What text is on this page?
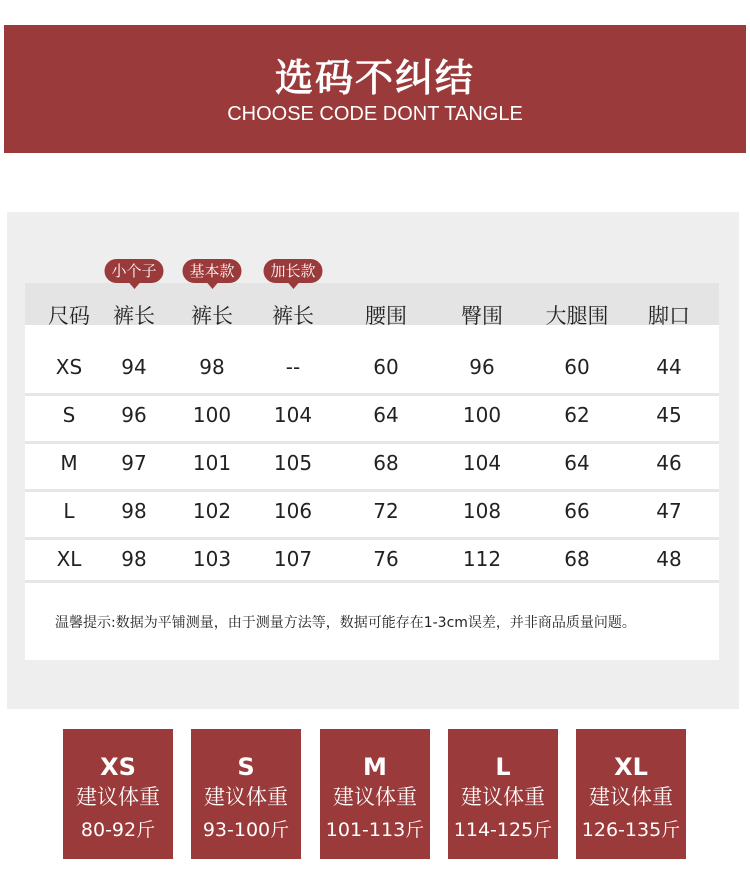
选码不纠结
CHOOSE CODE DONT TANGLE
小个子	基本款	加长款
尺码 裤长 裤长 裤长 腰围	臀围 大腿围 脚口
XS 94	98	--	60	96	60	44
S 96 100 104	64	100	62	45
M 97 101 105	68	104	64	46
L 98 102 106	72	108	66	47
XL 98 103 107	76	112	68	48
温馨提示:数据为平铺测量，由于测量方法等，数据可能存在1-3cm误差，并非商品质量问题。
XS
建议体重
80-92斤
S
建议体重
93-100斤
M
建议体重
101-113斤
L
建议体重
114-125斤
XL
建议体重
126-135斤
